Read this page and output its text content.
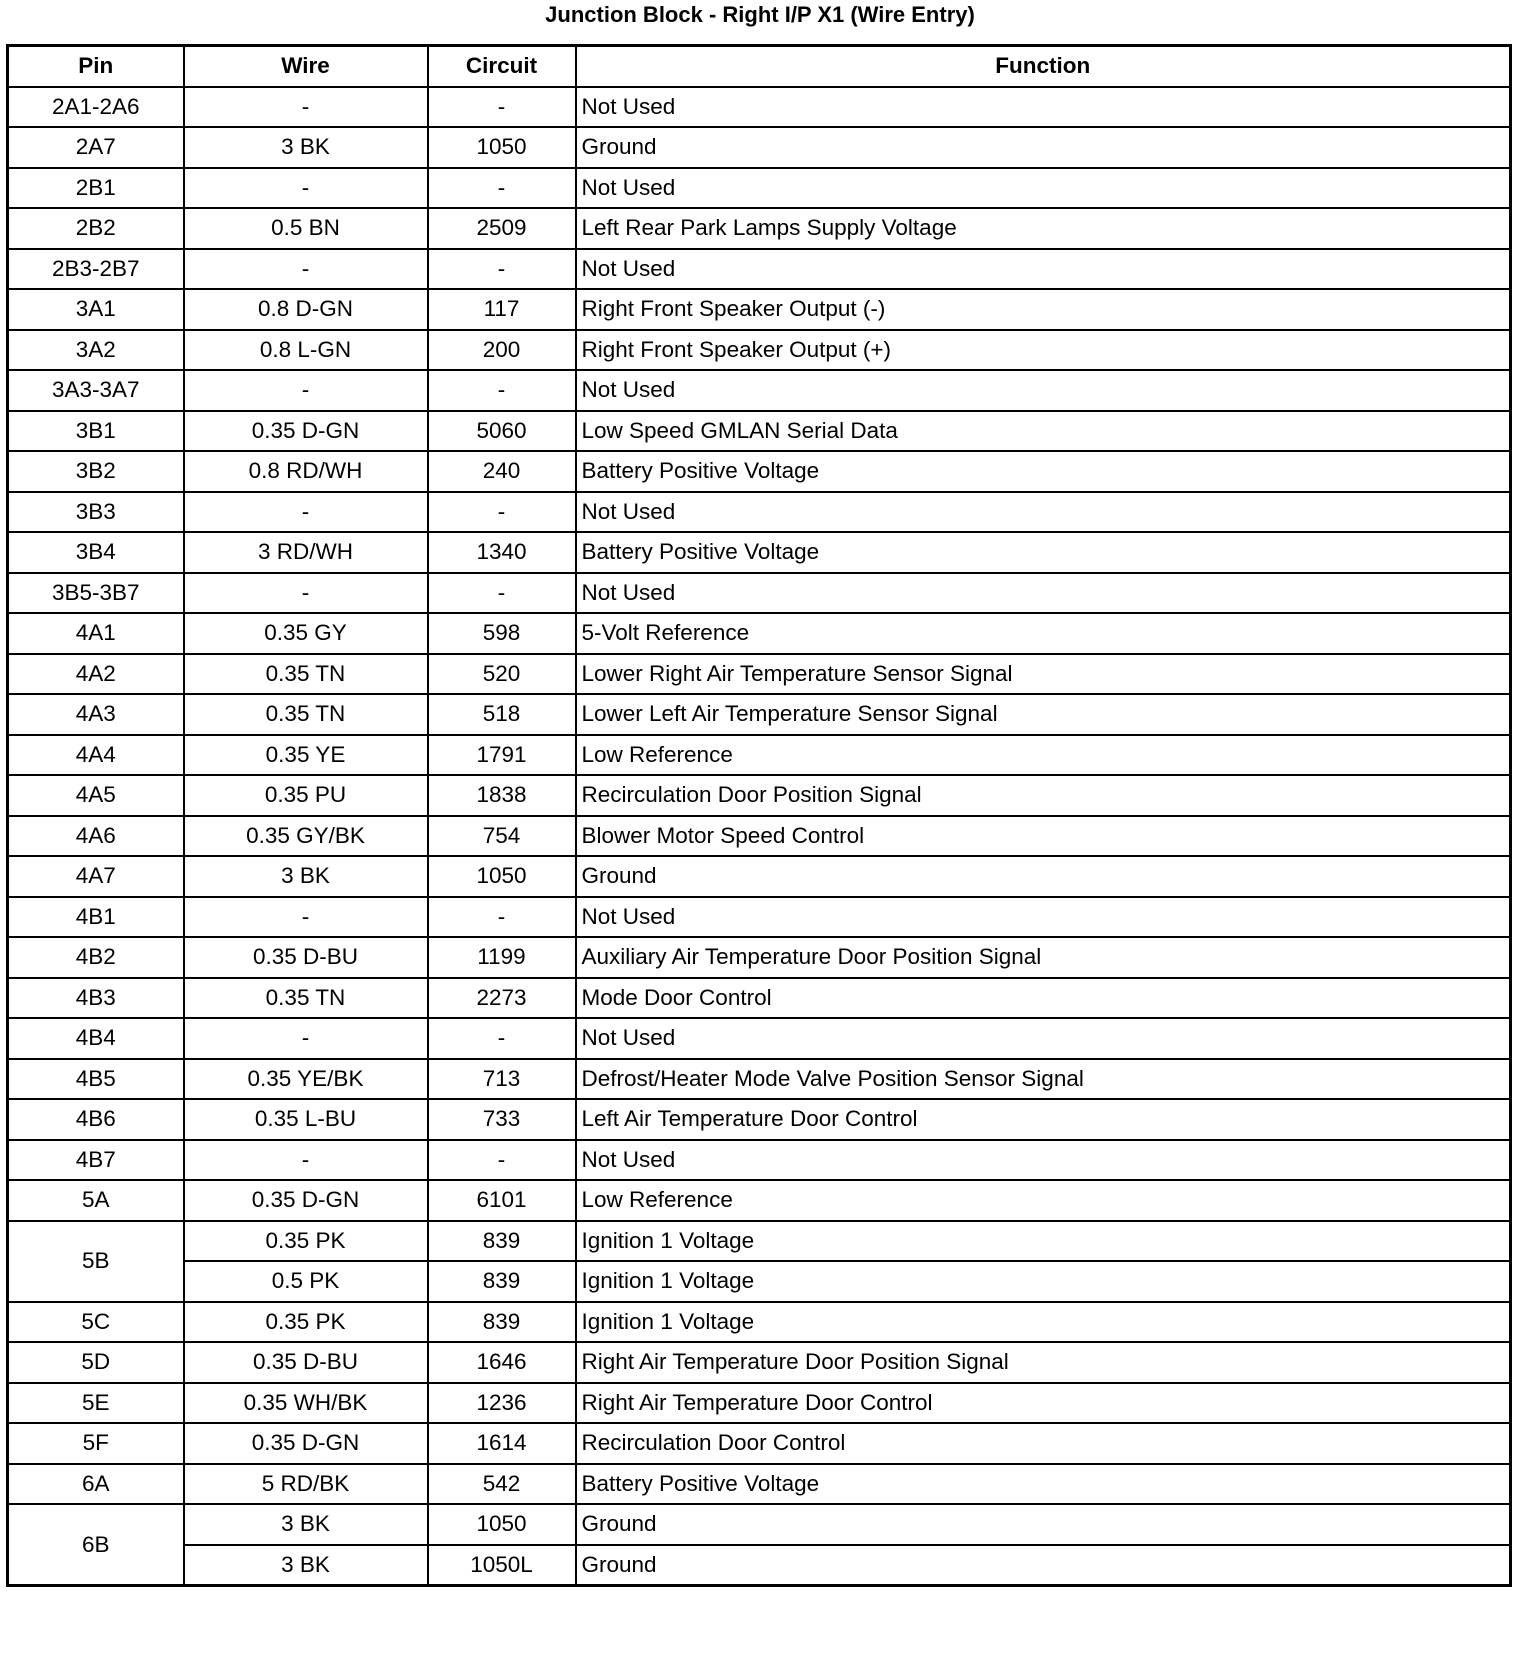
Junction Block - Right I/P X1 (Wire Entry)
Pin	Wire	Circuit	Function
2A1-2A6	-	-	Not Used
2A7	3 BK	1050	Ground
2B1	-	-	Not Used
2B2	0.5 BN	2509	Left Rear Park Lamps Supply Voltage
2B3-2B7	-	-	Not Used
3A1	0.8 D-GN	117	Right Front Speaker Output (-)
3A2	0.8 L-GN	200	Right Front Speaker Output (+)
3A3-3A7	-	-	Not Used
3B1	0.35 D-GN	5060	Low Speed GMLAN Serial Data
3B2	0.8 RD/WH	240	Battery Positive Voltage
3B3	-	-	Not Used
3B4	3 RD/WH	1340	Battery Positive Voltage
3B5-3B7	-	-	Not Used
4A1	0.35 GY	598	5-Volt Reference
4A2	0.35 TN	520	Lower Right Air Temperature Sensor Signal
4A3	0.35 TN	518	Lower Left Air Temperature Sensor Signal
4A4	0.35 YE	1791	Low Reference
4A5	0.35 PU	1838	Recirculation Door Position Signal
4A6	0.35 GY/BK	754	Blower Motor Speed Control
4A7	3 BK	1050	Ground
4B1	-	-	Not Used
4B2	0.35 D-BU	1199	Auxiliary Air Temperature Door Position Signal
4B3	0.35 TN	2273	Mode Door Control
4B4	-	-	Not Used
4B5	0.35 YE/BK	713	Defrost/Heater Mode Valve Position Sensor Signal
4B6	0.35 L-BU	733	Left Air Temperature Door Control
4B7	-	-	Not Used
5A	0.35 D-GN	6101	Low Reference
5B	0.35 PK	839	Ignition 1 Voltage
	0.5 PK	839	Ignition 1 Voltage
5C	0.35 PK	839	Ignition 1 Voltage
5D	0.35 D-BU	1646	Right Air Temperature Door Position Signal
5E	0.35 WH/BK	1236	Right Air Temperature Door Control
5F	0.35 D-GN	1614	Recirculation Door Control
6A	5 RD/BK	542	Battery Positive Voltage
6B	3 BK	1050	Ground
	3 BK	1050L	Ground
